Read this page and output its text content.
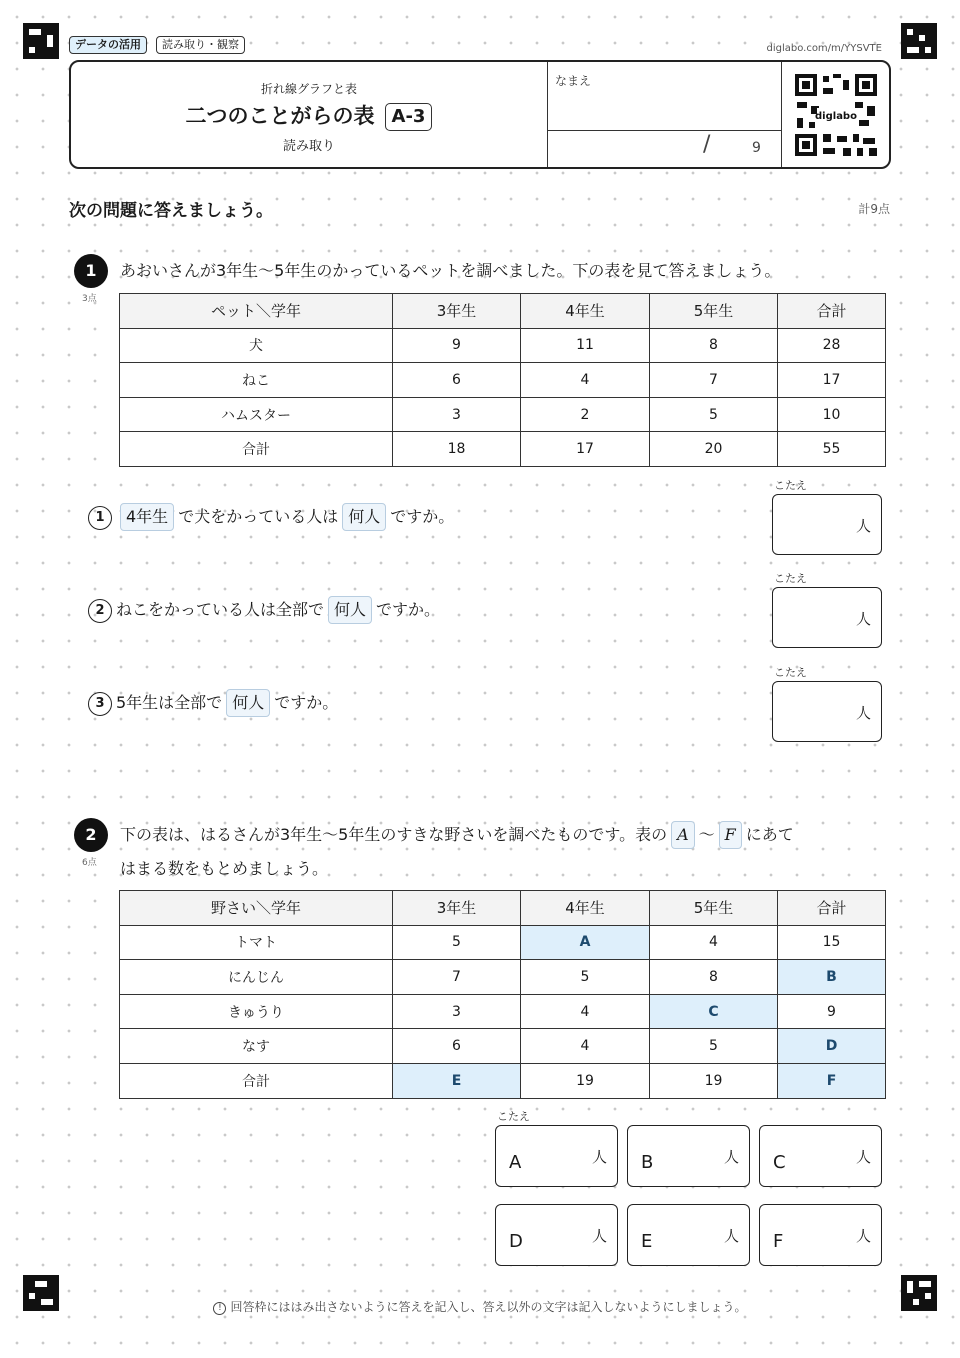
データの活用	読み取り・観察	diglabo.com/m/YYSVTE
折れ線グラフと表
二つのことがらの表 A-3
読み取り
なまえ
/	9
diglabo
次の問題に答えましょう。	計9点
1
3点
あおいさんが3年生〜5年生のかっているペットを調べました。下の表を見て答えましょう。
ペット＼学年	3年生	4年生	5年生	合計
犬	9	11	8	28
ねこ	6	4	7	17
ハムスター	3	2	5	10
合計	18	17	20	55
1 4年生 で犬をかっている人は 何人 ですか。
こたえ
人
2 ねこをかっている人は全部で 何人 ですか。
こたえ
人
3 5年生は全部で 何人 ですか。
こたえ
人
2
6点
下の表は、はるさんが3年生〜5年生のすきな野さいを調べたものです。表の A 〜 F にあて
はまる数をもとめましょう。
野さい＼学年	3年生	4年生	5年生	合計
トマト	5	A	4	15
にんじん	7	5	8	B
きゅうり	3	4	C	9
なす	6	4	5	D
合計	E	19	19	F
こたえ
A	人 B	人 C	人
D	人 E	人 F	人
! 回答枠にははみ出さないように答えを記入し、答え以外の文字は記入しないようにしましょう。
